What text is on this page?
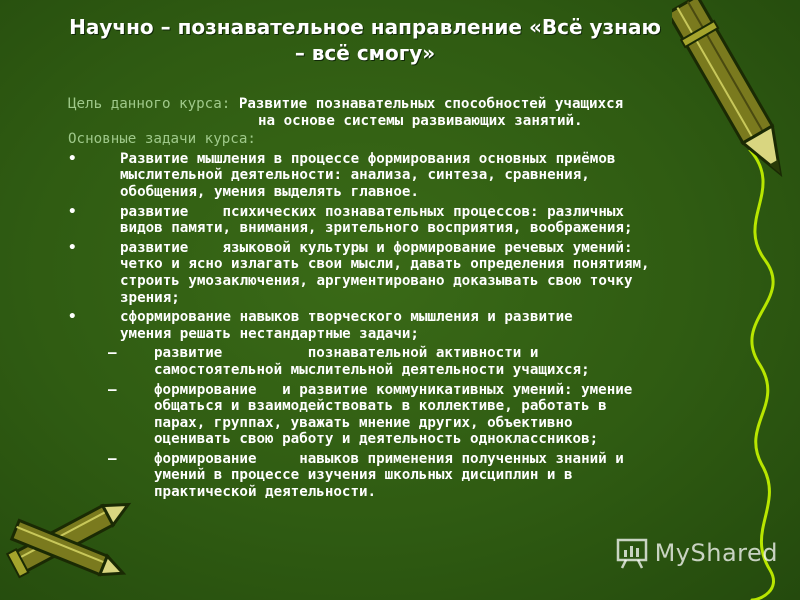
Научно – познавательное направление «Всё узнаю
– всё смогу»

Цель данного курса: Развитие познавательных способностей учащихся
на основе системы развивающих занятий.

Основные задачи курса:

•	Развитие мышления в процессе формирования основных приёмов
мыслительной деятельности: анализа, синтеза, сравнения,
обобщения, умения выделять главное.
•	развитие    психических познавательных процессов: различных
видов памяти, внимания, зрительного восприятия, воображения;
•	развитие    языковой культуры и формирование речевых умений:
четко и ясно излагать свои мысли, давать определения понятиям,
строить умозаключения, аргументировано доказывать свою точку
зрения;
•	сформирование навыков творческого мышления и развитие
умения решать нестандартные задачи;
–	развитие          познавательной активности и
самостоятельной мыслительной деятельности учащихся;
–	формирование   и развитие коммуникативных умений: умение
общаться и взаимодействовать в коллективе, работать в
парах, группах, уважать мнение других, объективно
оценивать свою работу и деятельность одноклассников;
–	формирование     навыков применения полученных знаний и
умений в процессе изучения школьных дисциплин и в
практической деятельности.
MyShared
